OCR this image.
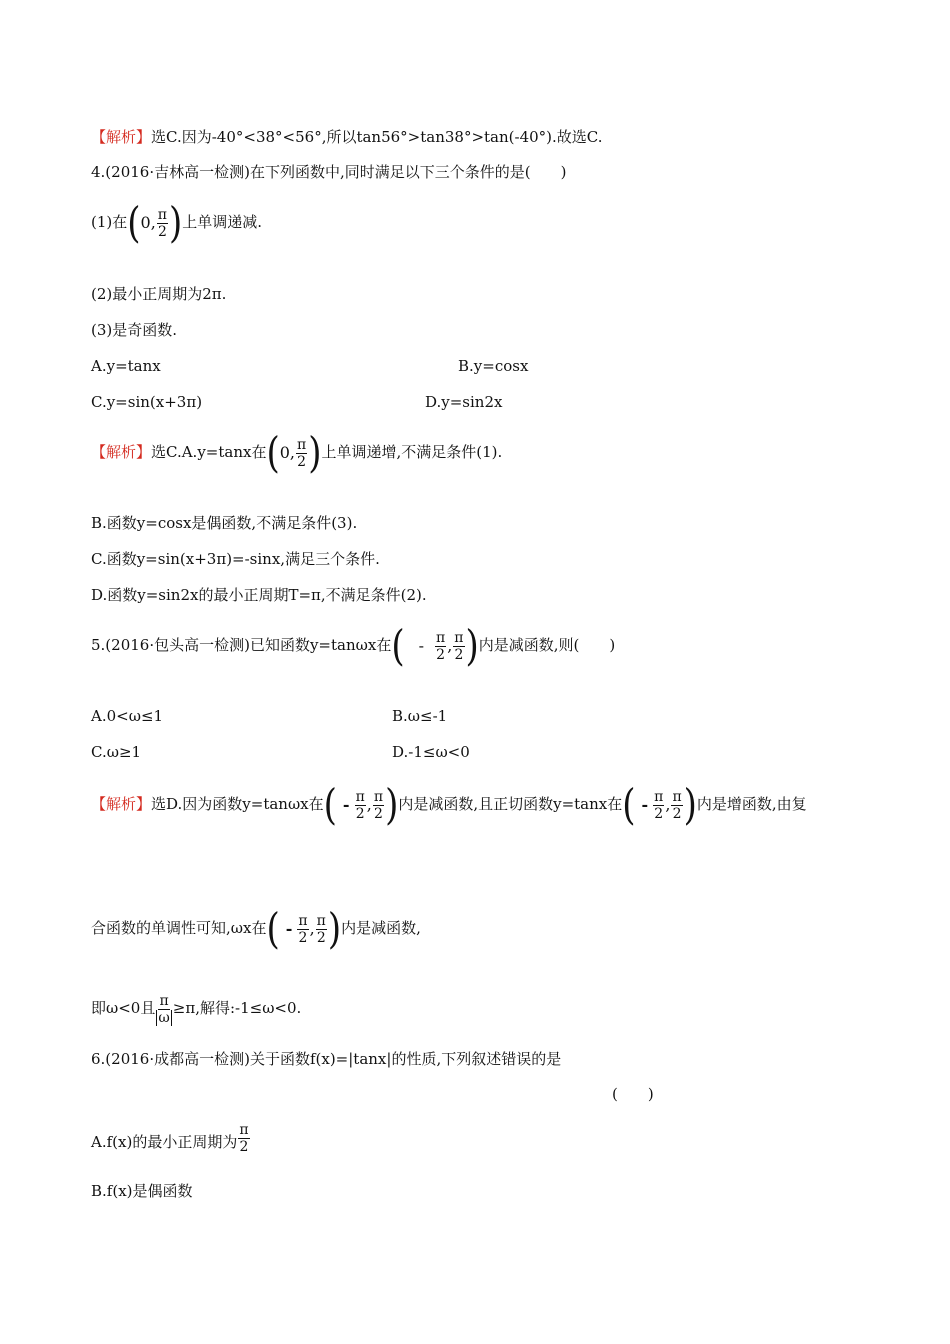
【解析】选C.因为-40°<38°<56°,所以tan56°>tan38°>tan(-40°).故选C.
4.(2016·吉林高一检测)在下列函数中,同时满足以下三个条件的是(　　)
(1)在 ( 0 , π
2 ) 上单调递减.
(2)最小正周期为2π.
(3)是奇函数.
A.y=tanx	B.y=cosx
C.y=sin(x+3π)	D.y=sin2x
【解析】选C.A.y=tanx在 ( 0 , π
2 ) 上单调递增,不满足条件(1).
B.函数y=cosx是偶函数,不满足条件(3).
C.函数y=sin(x+3π)=-sinx,满足三个条件.
D.函数y=sin2x的最小正周期T=π,不满足条件(2).
5.(2016·包头高一检测)已知函数y=tanωx在 ( - π
2 , π
2 ) 内是减函数,则(　　)
A.0<ω≤1	B.ω≤-1
C.ω≥1	D.-1≤ω<0
【解析】选D.因为函数y=tanωx在 ( - π
2 , π
2 ) 内是减函数,且正切函数y=tanx在 ( - π
2 , π
2 ) 内是增函数,由复
合函数的单调性可知,ωx在 ( - π
2 , π
2 ) 内是减函数,
即ω<0且 $\frac{\pi}{\omega} \ge\pi$,解得:-1≤ω<0.
6.(2016·成都高一检测)关于函数f(x)=|tanx|的性质,下列叙述错误的是
(　　)
A.f(x)的最小正周期为 $\frac{\pi}{2}$
B.f(x)是偶函数
